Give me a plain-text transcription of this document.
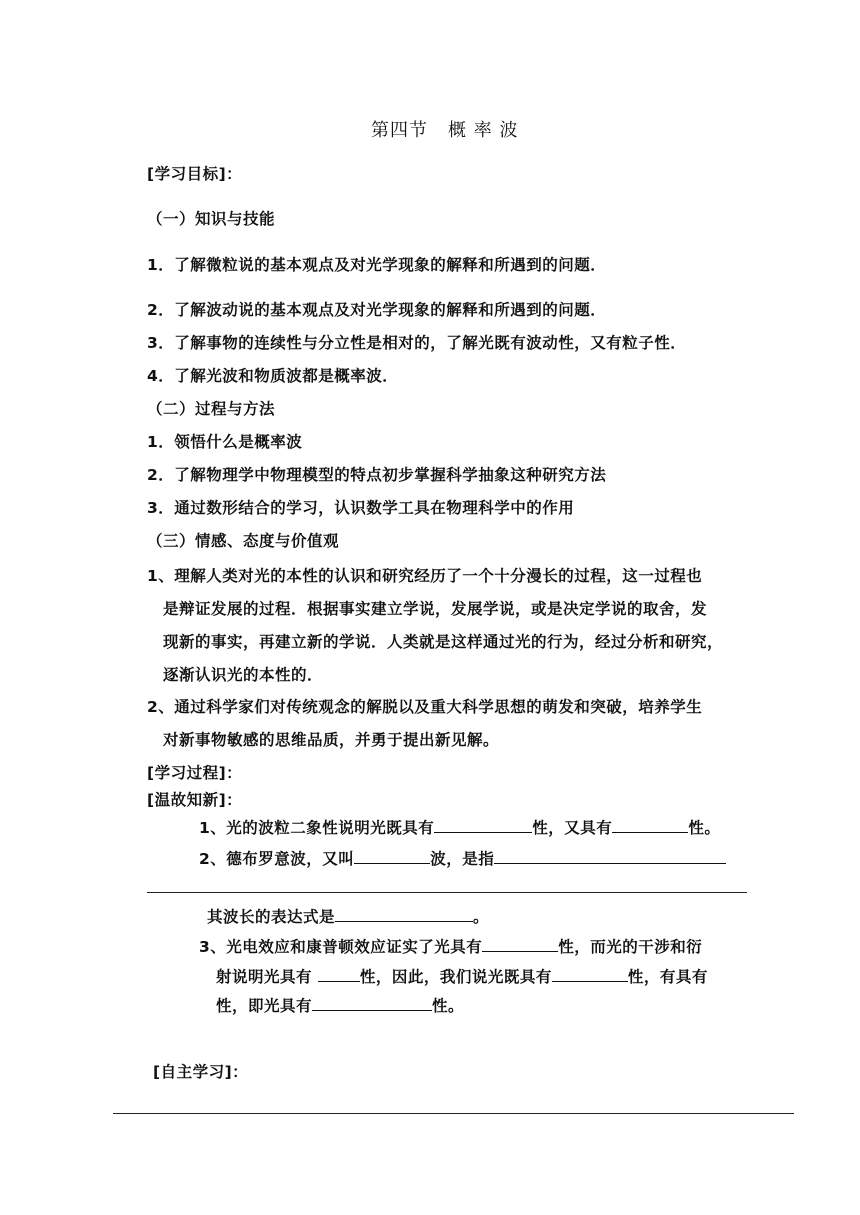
第四节 概 率 波
[学习目标]：
（一）知识与技能
1．了解微粒说的基本观点及对光学现象的解释和所遇到的问题．
2．了解波动说的基本观点及对光学现象的解释和所遇到的问题．
3．了解事物的连续性与分立性是相对的，了解光既有波动性，又有粒子性．
4．了解光波和物质波都是概率波．
（二）过程与方法
1．领悟什么是概率波
2．了解物理学中物理模型的特点初步掌握科学抽象这种研究方法
3．通过数形结合的学习，认识数学工具在物理科学中的作用
（三）情感、态度与价值观
1、理解人类对光的本性的认识和研究经历了一个十分漫长的过程，这一过程也
是辩证发展的过程．根据事实建立学说，发展学说，或是决定学说的取舍，发
现新的事实，再建立新的学说．人类就是这样通过光的行为，经过分析和研究，
逐渐认识光的本性的．
2、通过科学家们对传统观念的解脱以及重大科学思想的萌发和突破，培养学生
对新事物敏感的思维品质，并勇于提出新见解。
[学习过程]：
[温故知新]：
1、光的波粒二象性说明光既具有	性，又具有	性。
2、德布罗意波，又叫	波，是指
其波长的表达式是	。
3、光电效应和康普顿效应证实了光具有	性，而光的干涉和衍
射说明光具有	性，因此，我们说光既具有	性，有具有
性，即光具有	性。
[自主学习]：
